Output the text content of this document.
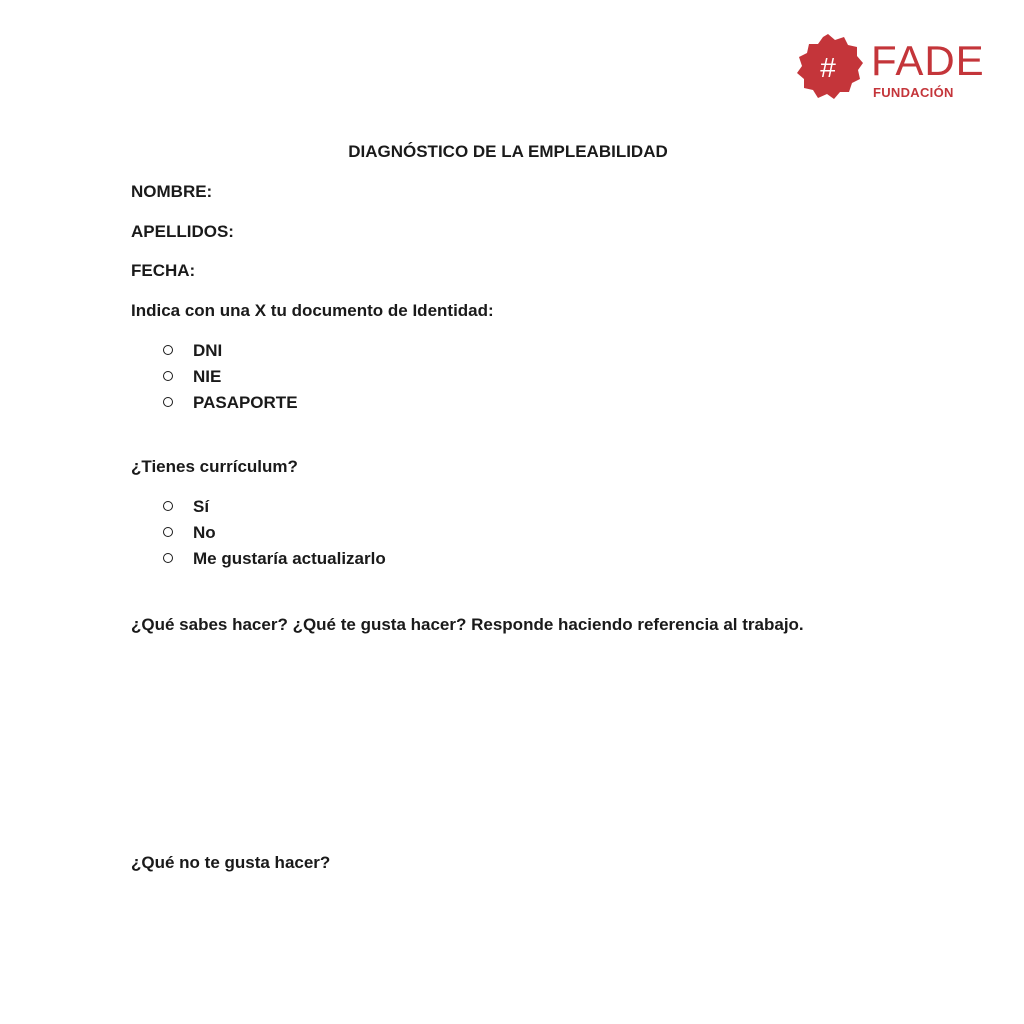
# FADE
FUNDACIÓN
DIAGNÓSTICO DE LA EMPLEABILIDAD
NOMBRE:
APELLIDOS:
FECHA:
Indica con una X tu documento de Identidad:
DNI
NIE
PASAPORTE
¿Tienes currículum?
Sí
No
Me gustaría actualizarlo
¿Qué sabes hacer? ¿Qué te gusta hacer? Responde haciendo referencia al trabajo.
¿Qué no te gusta hacer?
